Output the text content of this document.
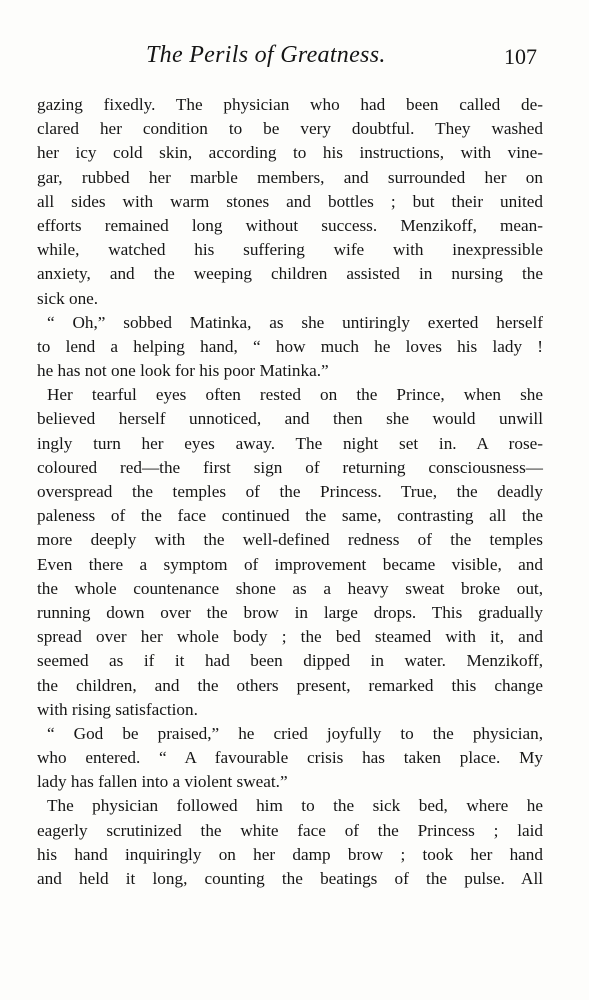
The Perils of Greatness.	107
gazing fixedly. The physician who had been called de-
clared her condition to be very doubtful. They washed
her icy cold skin, according to his instructions, with vine-
gar, rubbed her marble members, and surrounded her on
all sides with warm stones and bottles ; but their united
efforts remained long without success. Menzikoff, mean-
while, watched his suffering wife with inexpressible
anxiety, and the weeping children assisted in nursing the
sick one.
“ Oh,” sobbed Matinka, as she untiringly exerted herself
to lend a helping hand, “ how much he loves his lady !
he has not one look for his poor Matinka.”
Her tearful eyes often rested on the Prince, when she
believed herself unnoticed, and then she would unwill
ingly turn her eyes away. The night set in. A rose-
coloured red—the first sign of returning consciousness—
overspread the temples of the Princess. True, the deadly
paleness of the face continued the same, contrasting all the
more deeply with the well-defined redness of the temples
Even there a symptom of improvement became visible, and
the whole countenance shone as a heavy sweat broke out,
running down over the brow in large drops. This gradually
spread over her whole body ; the bed steamed with it, and
seemed as if it had been dipped in water. Menzikoff,
the children, and the others present, remarked this change
with rising satisfaction.
“ God be praised,” he cried joyfully to the physician,
who entered. “ A favourable crisis has taken place. My
lady has fallen into a violent sweat.”
The physician followed him to the sick bed, where he
eagerly scrutinized the white face of the Princess ; laid
his hand inquiringly on her damp brow ; took her hand
and held it long, counting the beatings of the pulse. All
